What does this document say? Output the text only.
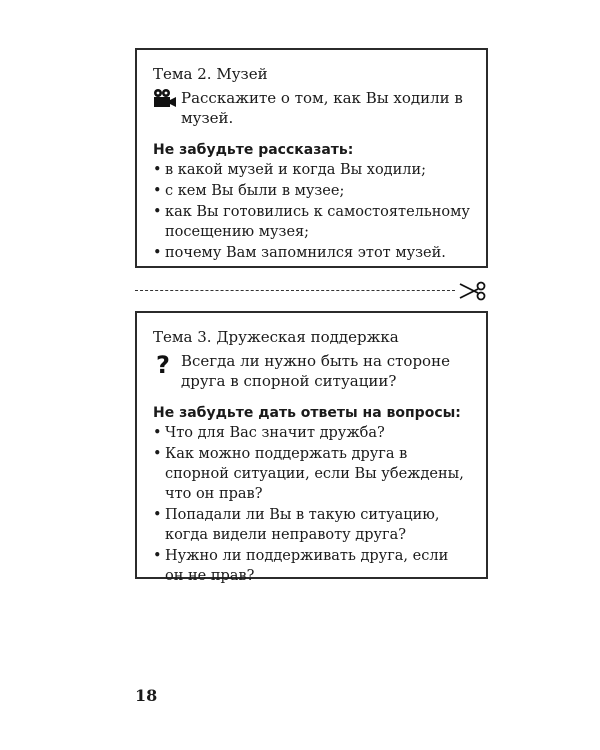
Тема 2. Музей
Расскажите о том, как Вы ходили в музей.
Не забудьте рассказать:
• в какой музей и когда Вы ходили;
• с кем Вы были в музее;
• как Вы готовились к самостоятельному посещению музея;
• почему Вам запомнился этот музей.
Тема 3. Дружеская поддержка
? Всегда ли нужно быть на стороне друга в спорной ситуации?
Не забудьте дать ответы на вопросы:
• Что для Вас значит дружба?
• Как можно поддержать друга в спорной ситуации, если Вы убеждены, что он прав?
• Попадали ли Вы в такую ситуацию, когда видели неправоту друга?
• Нужно ли поддерживать друга, если он не прав?
18
